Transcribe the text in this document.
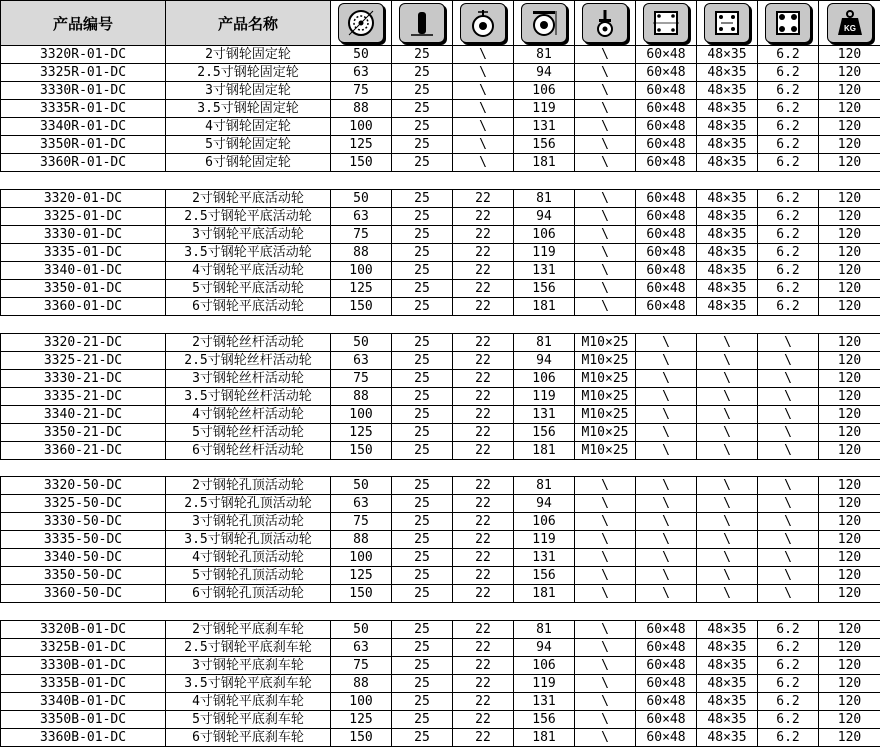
产品编号	产品名称									KG

3320R-01-DC	2寸钢轮固定轮	50	25	\	81	\	60×48	48×35	6.2	120
3325R-01-DC	2.5寸钢轮固定轮	63	25	\	94	\	60×48	48×35	6.2	120
3330R-01-DC	3寸钢轮固定轮	75	25	\	106	\	60×48	48×35	6.2	120
3335R-01-DC	3.5寸钢轮固定轮	88	25	\	119	\	60×48	48×35	6.2	120
3340R-01-DC	4寸钢轮固定轮	100	25	\	131	\	60×48	48×35	6.2	120
3350R-01-DC	5寸钢轮固定轮	125	25	\	156	\	60×48	48×35	6.2	120
3360R-01-DC	6寸钢轮固定轮	150	25	\	181	\	60×48	48×35	6.2	120

3320-01-DC	2寸钢轮平底活动轮	50	25	22	81	\	60×48	48×35	6.2	120
3325-01-DC	2.5寸钢轮平底活动轮	63	25	22	94	\	60×48	48×35	6.2	120
3330-01-DC	3寸钢轮平底活动轮	75	25	22	106	\	60×48	48×35	6.2	120
3335-01-DC	3.5寸钢轮平底活动轮	88	25	22	119	\	60×48	48×35	6.2	120
3340-01-DC	4寸钢轮平底活动轮	100	25	22	131	\	60×48	48×35	6.2	120
3350-01-DC	5寸钢轮平底活动轮	125	25	22	156	\	60×48	48×35	6.2	120
3360-01-DC	6寸钢轮平底活动轮	150	25	22	181	\	60×48	48×35	6.2	120

3320-21-DC	2寸钢轮丝杆活动轮	50	25	22	81	M10×25	\	\	\	120
3325-21-DC	2.5寸钢轮丝杆活动轮	63	25	22	94	M10×25	\	\	\	120
3330-21-DC	3寸钢轮丝杆活动轮	75	25	22	106	M10×25	\	\	\	120
3335-21-DC	3.5寸钢轮丝杆活动轮	88	25	22	119	M10×25	\	\	\	120
3340-21-DC	4寸钢轮丝杆活动轮	100	25	22	131	M10×25	\	\	\	120
3350-21-DC	5寸钢轮丝杆活动轮	125	25	22	156	M10×25	\	\	\	120
3360-21-DC	6寸钢轮丝杆活动轮	150	25	22	181	M10×25	\	\	\	120

3320-50-DC	2寸钢轮孔顶活动轮	50	25	22	81	\	\	\	\	120
3325-50-DC	2.5寸钢轮孔顶活动轮	63	25	22	94	\	\	\	\	120
3330-50-DC	3寸钢轮孔顶活动轮	75	25	22	106	\	\	\	\	120
3335-50-DC	3.5寸钢轮孔顶活动轮	88	25	22	119	\	\	\	\	120
3340-50-DC	4寸钢轮孔顶活动轮	100	25	22	131	\	\	\	\	120
3350-50-DC	5寸钢轮孔顶活动轮	125	25	22	156	\	\	\	\	120
3360-50-DC	6寸钢轮孔顶活动轮	150	25	22	181	\	\	\	\	120

3320B-01-DC	2寸钢轮平底刹车轮	50	25	22	81	\	60×48	48×35	6.2	120
3325B-01-DC	2.5寸钢轮平底刹车轮	63	25	22	94	\	60×48	48×35	6.2	120
3330B-01-DC	3寸钢轮平底刹车轮	75	25	22	106	\	60×48	48×35	6.2	120
3335B-01-DC	3.5寸钢轮平底刹车轮	88	25	22	119	\	60×48	48×35	6.2	120
3340B-01-DC	4寸钢轮平底刹车轮	100	25	22	131	\	60×48	48×35	6.2	120
3350B-01-DC	5寸钢轮平底刹车轮	125	25	22	156	\	60×48	48×35	6.2	120
3360B-01-DC	6寸钢轮平底刹车轮	150	25	22	181	\	60×48	48×35	6.2	120
